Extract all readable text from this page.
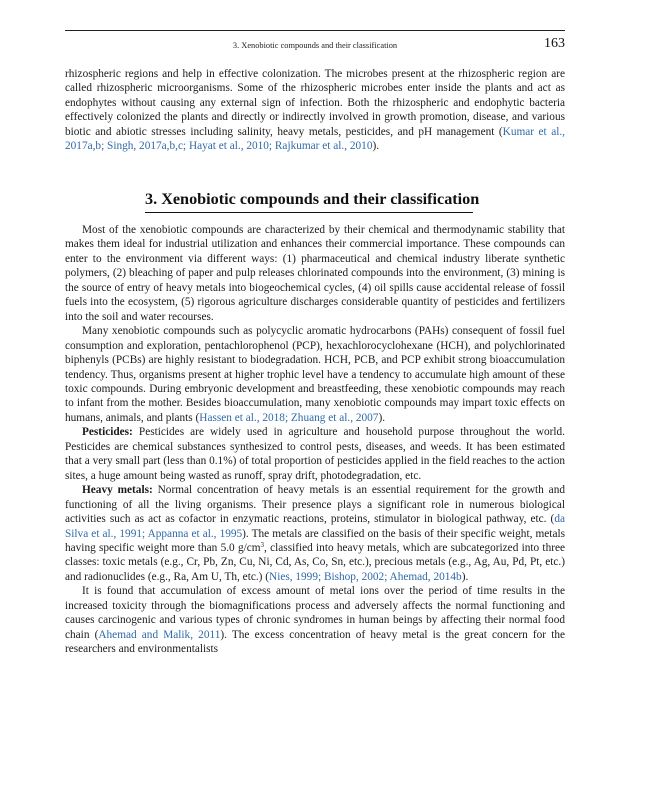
3. Xenobiotic compounds and their classification	163

rhizospheric regions and help in effective colonization. The microbes present at the rhizospheric region are called rhizospheric microorganisms. Some of the rhizospheric microbes enter inside the plants and act as endophytes without causing any external sign of infection. Both the rhizospheric and endophytic bacteria effectively colonized the plants and directly or indirectly involved in growth promotion, disease, and various biotic and abiotic stresses including salinity, heavy metals, pesticides, and pH management (Kumar et al., 2017a,b; Singh, 2017a,b,c; Hayat et al., 2010; Rajkumar et al., 2010).

3. Xenobiotic compounds and their classification

Most of the xenobiotic compounds are characterized by their chemical and thermodynamic stability that makes them ideal for industrial utilization and enhances their commercial importance. These compounds can enter to the environment via different ways: (1) pharmaceutical and chemical industry liberate synthetic polymers, (2) bleaching of paper and pulp releases chlorinated compounds into the environment, (3) mining is the source of entry of heavy metals into biogeochemical cycles, (4) oil spills cause accidental release of fossil fuels into the ecosystem, (5) rigorous agriculture discharges considerable quantity of pesticides and fertilizers into the soil and water recourses.

Many xenobiotic compounds such as polycyclic aromatic hydrocarbons (PAHs) consequent of fossil fuel consumption and exploration, pentachlorophenol (PCP), hexachlorocyclohexane (HCH), and polychlorinated biphenyls (PCBs) are highly resistant to biodegradation. HCH, PCB, and PCP exhibit strong bioaccumulation tendency. Thus, organisms present at higher trophic level have a tendency to accumulate high amount of these toxic compounds. During embryonic development and breastfeeding, these xenobiotic compounds may reach to infant from the mother. Besides bioaccumulation, many xenobiotic compounds may impart toxic effects on humans, animals, and plants (Hassen et al., 2018; Zhuang et al., 2007).

Pesticides: Pesticides are widely used in agriculture and household purpose throughout the world. Pesticides are chemical substances synthesized to control pests, diseases, and weeds. It has been estimated that a very small part (less than 0.1%) of total proportion of pesticides applied in the field reaches to the action sites, a huge amount being wasted as runoff, spray drift, photodegradation, etc.

Heavy metals: Normal concentration of heavy metals is an essential requirement for the growth and functioning of all the living organisms. Their presence plays a significant role in numerous biological activities such as act as cofactor in enzymatic reactions, proteins, stimulator in biological pathway, etc. (da Silva et al., 1991; Appanna et al., 1995). The metals are classified on the basis of their specific weight, metals having specific weight more than 5.0 $g/cm^3$, classified into heavy metals, which are subcategorized into three classes: toxic metals (e.g., Cr, Pb, Zn, Cu, Ni, Cd, As, Co, Sn, etc.), precious metals (e.g., Ag, Au, Pd, Pt, etc.) and radionuclides (e.g., Ra, Am U, Th, etc.) (Nies, 1999; Bishop, 2002; Ahemad, 2014b).

It is found that accumulation of excess amount of metal ions over the period of time results in the increased toxicity through the biomagnifications process and adversely affects the normal functioning and causes carcinogenic and various types of chronic syndromes in human beings by affecting their normal food chain (Ahemad and Malik, 2011). The excess concentration of heavy metal is the great concern for the researchers and environmentalists
